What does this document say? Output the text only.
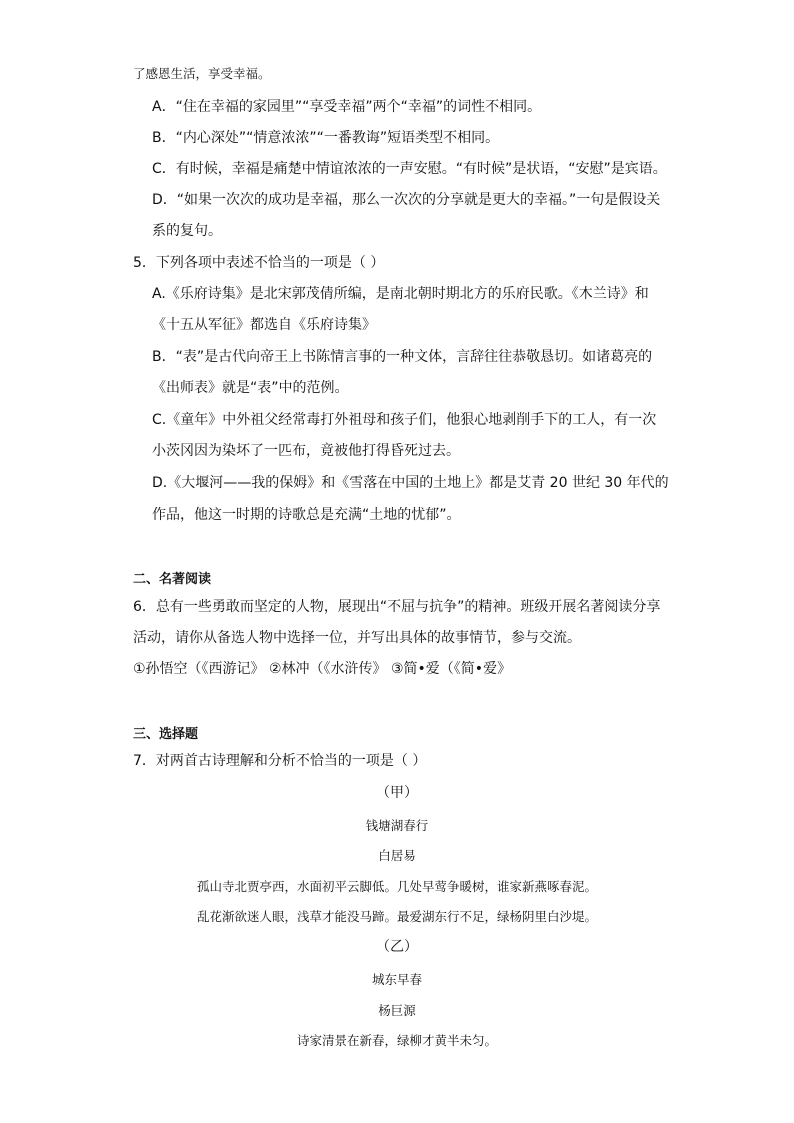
了感恩生活，享受幸福。
A．“住在幸福的家园里”“享受幸福”两个“幸福”的词性不相同。
B．“内心深处”“情意浓浓”“一番教诲”短语类型不相同。
C．有时候，幸福是痛楚中情谊浓浓的一声安慰。“有时候”是状语，“安慰”是宾语。
D．“如果一次次的成功是幸福，那么一次次的分享就是更大的幸福。”一句是假设关
系的复句。
5．下列各项中表述不恰当的一项是（ ）
A.《乐府诗集》是北宋郭茂倩所编，是南北朝时期北方的乐府民歌。《木兰诗》和
《十五从军征》都选自《乐府诗集》
B．“表”是古代向帝王上书陈情言事的一种文体，言辞往往恭敬恳切。如诸葛亮的
《出师表》就是“表”中的范例。
C.《童年》中外祖父经常毒打外祖母和孩子们，他狠心地剥削手下的工人，有一次
小茨冈因为染坏了一匹布，竟被他打得昏死过去。
D.《大堰河——我的保姆》和《雪落在中国的土地上》都是艾青 20 世纪 30 年代的
作品，他这一时期的诗歌总是充满“土地的忧郁”。
二、名著阅读
6．总有一些勇敢而坚定的人物，展现出“不屈与抗争”的精神。班级开展名著阅读分享
活动，请你从备选人物中选择一位，并写出具体的故事情节，参与交流。
①孙悟空（《西游记》 ②林冲（《水浒传》 ③简•爱（《简•爱》
三、选择题
7．对两首古诗理解和分析不恰当的一项是（ ）
（甲）
钱塘湖春行
白居易
孤山寺北贾亭西，水面初平云脚低。几处早莺争暖树，谁家新燕啄春泥。
乱花渐欲迷人眼，浅草才能没马蹄。最爱湖东行不足，绿杨阴里白沙堤。
（乙）
城东早春
杨巨源
诗家清景在新春，绿柳才黄半未匀。
